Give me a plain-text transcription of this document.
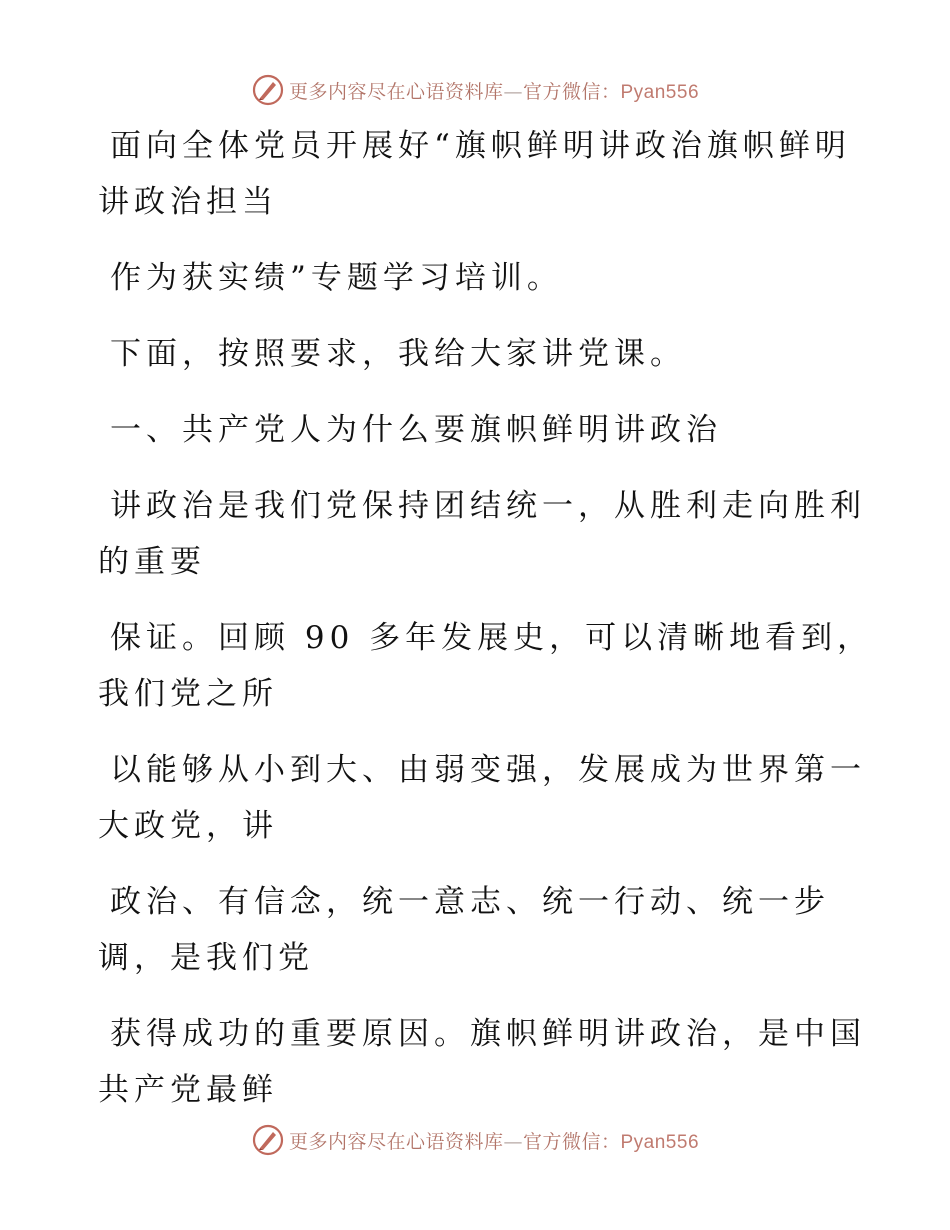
更多内容尽在心语资料库—官方微信：Pyan556

面向全体党员开展好“旗帜鲜明讲政治旗帜鲜明
讲政治担当

作为获实绩”专题学习培训。

下面，按照要求，我给大家讲党课。

一、共产党人为什么要旗帜鲜明讲政治

讲政治是我们党保持团结统一，从胜利走向胜利
的重要

保证。回顾 90 多年发展史，可以清晰地看到，
我们党之所

以能够从小到大、由弱变强，发展成为世界第一
大政党，讲

政治、有信念，统一意志、统一行动、统一步
调，是我们党

获得成功的重要原因。旗帜鲜明讲政治，是中国
共产党最鲜

更多内容尽在心语资料库—官方微信：Pyan556
